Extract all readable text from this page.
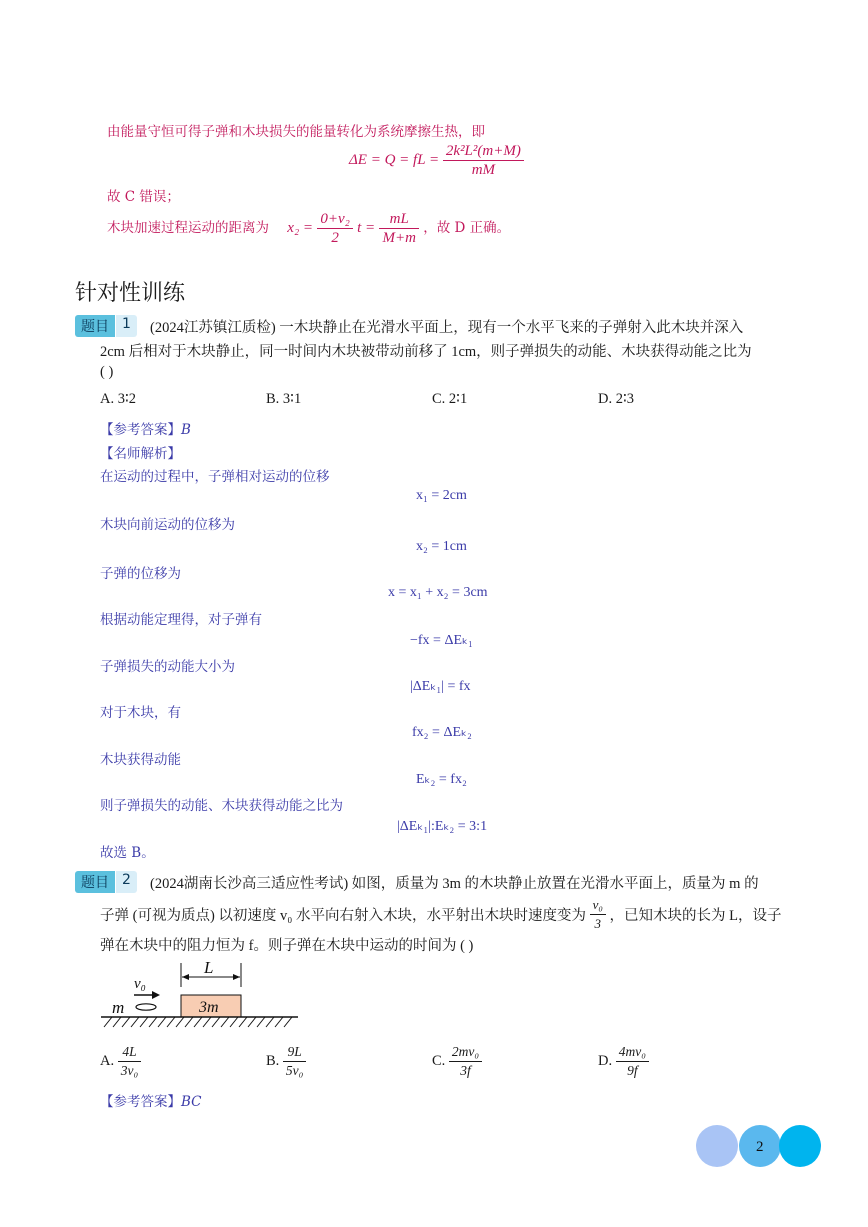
由能量守恒可得子弹和木块损失的能量转化为系统摩擦生热，即
ΔE = Q = fL = $\frac{\text{2k²L²(m+M)}}{mM}$
故 C 错误；
木块加速过程运动的距离为 $x_2 = \frac{\text{0+v₂}}{2}$ $t = \frac{mL}{M+m}$ ，故 D 正确。
针对性训练
题目 1	(2024江苏镇江质检) 一木块静止在光滑水平面上，现有一个水平飞来的子弹射入此木块并深入
2cm 后相对于木块静止，同一时间内木块被带动前移了 1cm，则子弹损失的动能、木块获得动能之比为
( )
A. 3∶2	B. 3∶1	C. 2∶1	D. 2∶3
【参考答案】B
【名师解析】
在运动的过程中，子弹相对运动的位移
x₁ = 2cm
木块向前运动的位移为
x₂ = 1cm
子弹的位移为
x = x₁ + x₂ = 3cm
根据动能定理得，对子弹有
−fx = ΔEₖ₁
子弹损失的动能大小为
|ΔEₖ₁| = fx
对于木块，有
fx₂ = ΔEₖ₂
木块获得动能
Eₖ₂ = fx₂
则子弹损失的动能、木块获得动能之比为
|ΔEₖ₁|:Eₖ₂ = 3:1
故选 B。
题目 2	(2024湖南长沙高三适应性考试) 如图，质量为 3m 的木块静止放置在光滑水平面上，质量为 m 的
子弹 (可视为质点) 以初速度 v₀ 水平向右射入木块，水平射出木块时速度变为 $\frac{\text{v₀}}{3}$ ，已知木块的长为 L，设子
弹在木块中的阻力恒为 f。则子弹在木块中运动的时间为 ( )
L
v₀
m	3m
A. $\frac{4L}{\text{3v₀}}$	B. $\frac{9L}{\text{5v₀}}$	C. $\frac{\text{2mv₀}}{3f}$	D. $\frac{\text{4mv₀}}{9f}$
【参考答案】BC
2
